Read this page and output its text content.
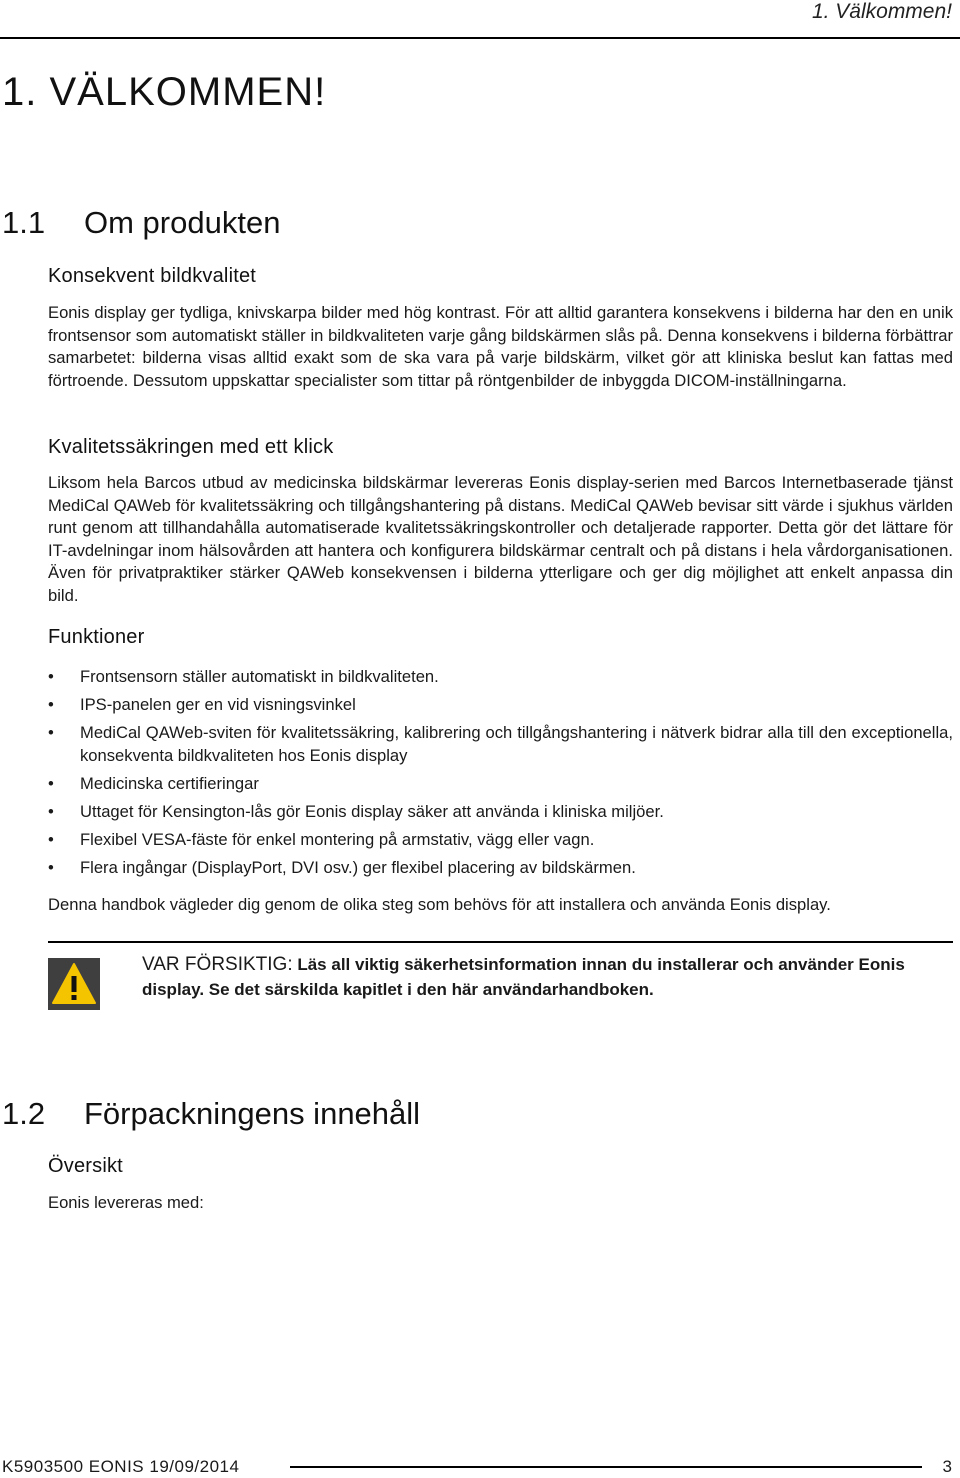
1. Välkommen!
1. VÄLKOMMEN!
1.1 Om produkten
Konsekvent bildkvalitet

Eonis display ger tydliga, knivskarpa bilder med hög kontrast. För att alltid garantera konsekvens i bilderna har den en unik frontsensor som automatiskt ställer in bildkvaliteten varje gång bildskärmen slås på. Denna konsekvens i bilderna förbättrar samarbetet: bilderna visas alltid exakt som de ska vara på varje bildskärm, vilket gör att kliniska beslut kan fattas med förtroende. Dessutom uppskattar specialister som tittar på röntgenbilder de inbyggda DICOM-inställningarna.

Kvalitetssäkringen med ett klick

Liksom hela Barcos utbud av medicinska bildskärmar levereras Eonis display-serien med Barcos Internetbaserade tjänst MediCal QAWeb för kvalitetssäkring och tillgångshantering på distans. MediCal QAWeb bevisar sitt värde i sjukhus världen runt genom att tillhandahålla automatiserade kvalitetssäkringskontroller och detaljerade rapporter. Detta gör det lättare för IT-avdelningar inom hälsovården att hantera och konfigurera bildskärmar centralt och på distans i hela vårdorganisationen. Även för privatpraktiker stärker QAWeb konsekvensen i bilderna ytterligare och ger dig möjlighet att enkelt anpassa din bild.

Funktioner
• Frontsensorn ställer automatiskt in bildkvaliteten.
• IPS-panelen ger en vid visningsvinkel
• MediCal QAWeb-sviten för kvalitetssäkring, kalibrering och tillgångshantering i nätverk bidrar alla till den exceptionella, konsekventa bildkvaliteten hos Eonis display
• Medicinska certifieringar
• Uttaget för Kensington-lås gör Eonis display säker att använda i kliniska miljöer.
• Flexibel VESA-fäste för enkel montering på armstativ, vägg eller vagn.
• Flera ingångar (DisplayPort, DVI osv.) ger flexibel placering av bildskärmen.

Denna handbok vägleder dig genom de olika steg som behövs för att installera och använda Eonis display.

VAR FÖRSIKTIG: Läs all viktig säkerhetsinformation innan du installerar och använder Eonis display. Se det särskilda kapitlet i den här användarhandboken.

1.2 Förpackningens innehåll
Översikt

Eonis levereras med:

K5903500 EONIS 19/09/2014	3
